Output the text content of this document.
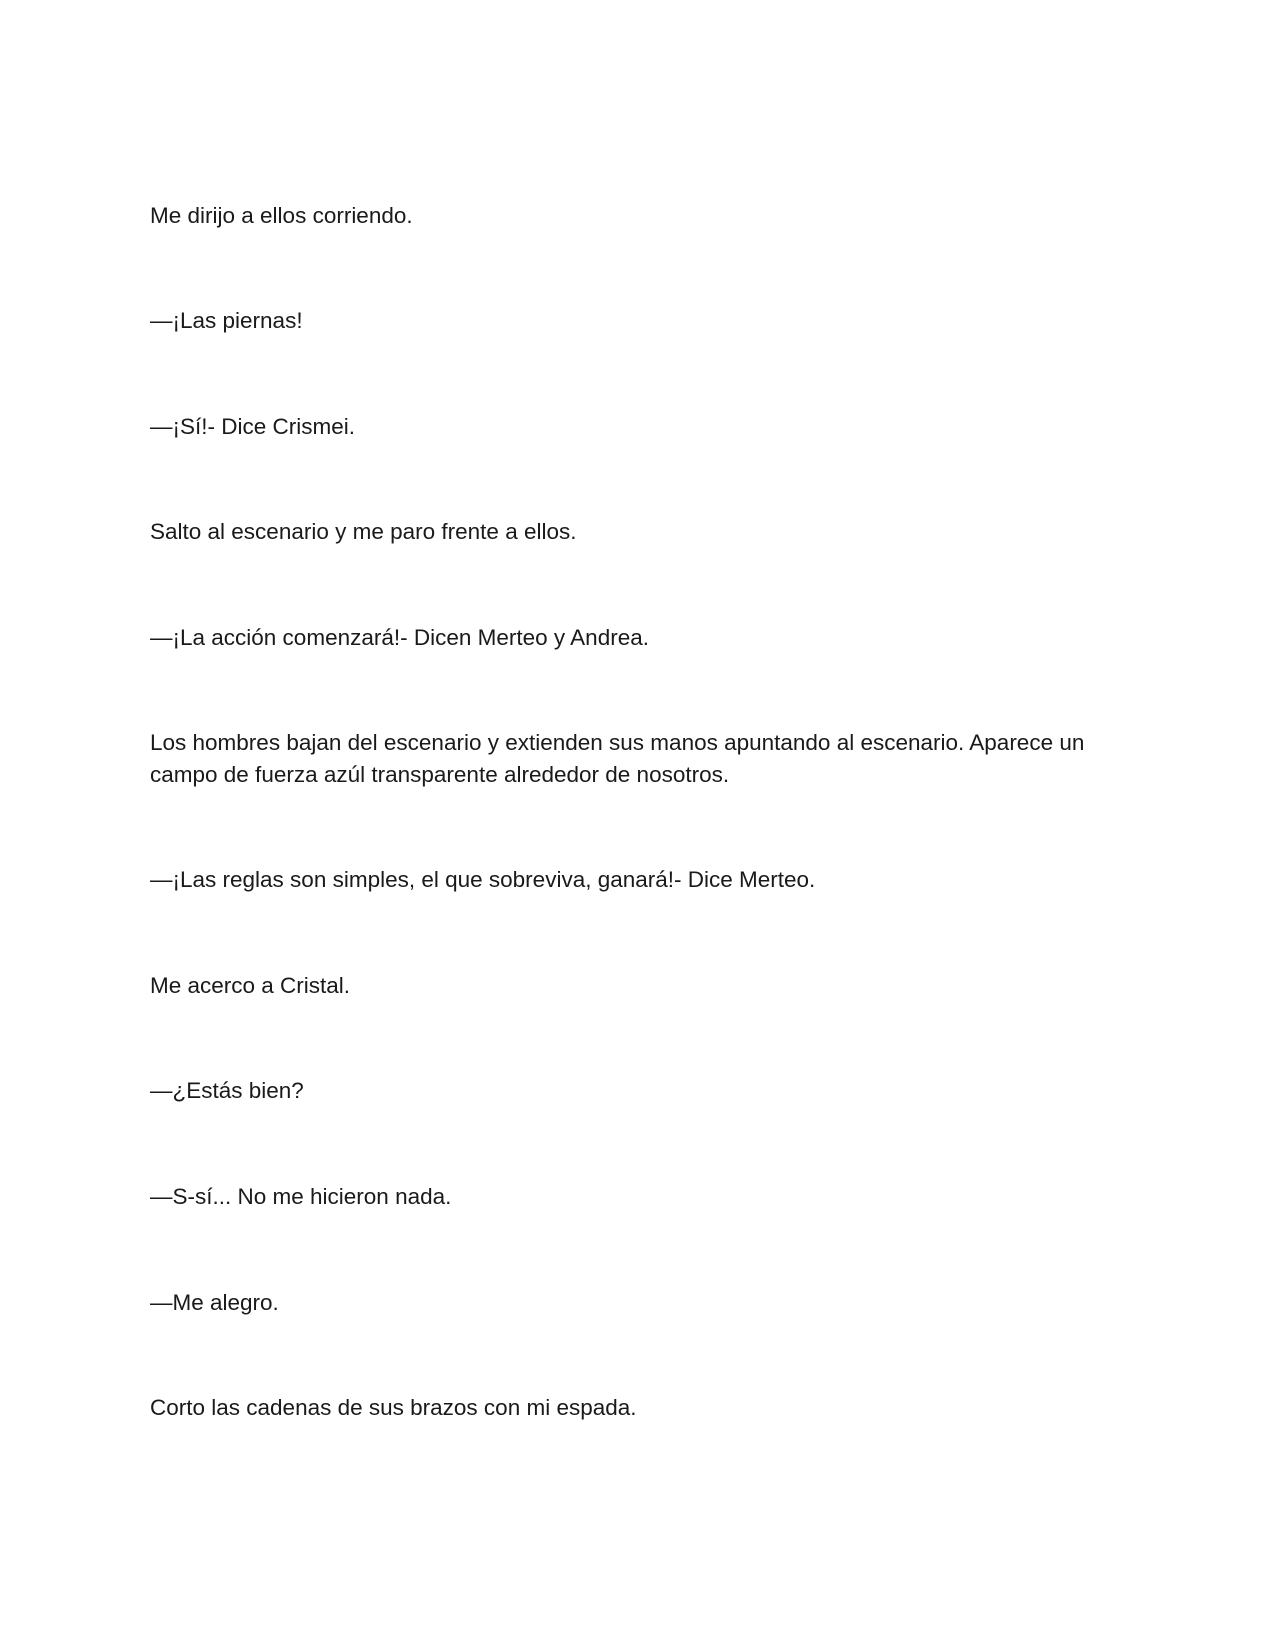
Me dirijo a ellos corriendo.

—¡Las piernas!

—¡Sí!- Dice Crismei.

Salto al escenario y me paro frente a ellos.

—¡La acción comenzará!- Dicen Merteo y Andrea.

Los hombres bajan del escenario y extienden sus manos apuntando al escenario. Aparece un campo de fuerza azúl transparente alrededor de nosotros.

—¡Las reglas son simples, el que sobreviva, ganará!- Dice Merteo.

Me acerco a Cristal.

—¿Estás bien?

—S-sí... No me hicieron nada.

—Me alegro.

Corto las cadenas de sus brazos con mi espada.
